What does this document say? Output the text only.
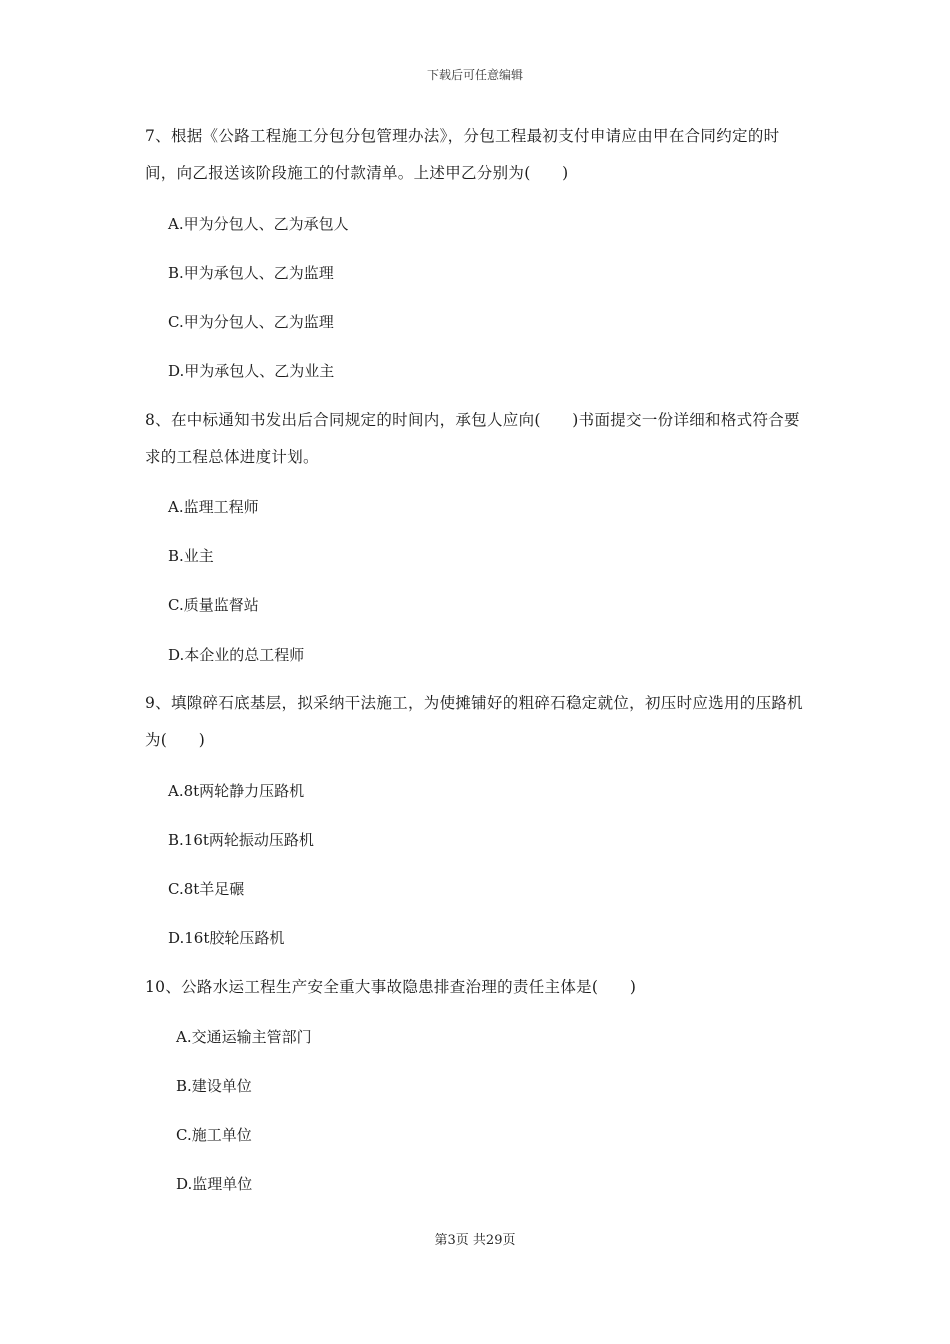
下载后可任意编辑
7、根据《公路工程施工分包分包管理办法》，分包工程最初支付申请应由甲在合同约定的时间，向乙报送该阶段施工的付款清单。上述甲乙分别为(　　)
A.甲为分包人、乙为承包人
B.甲为承包人、乙为监理
C.甲为分包人、乙为监理
D.甲为承包人、乙为业主
8、在中标通知书发出后合同规定的时间内，承包人应向(　　)书面提交一份详细和格式符合要求的工程总体进度计划。
A.监理工程师
B.业主
C.质量监督站
D.本企业的总工程师
9、填隙碎石底基层，拟采纳干法施工，为使摊铺好的粗碎石稳定就位，初压时应选用的压路机为(　　)
A.8t两轮静力压路机
B.16t两轮振动压路机
C.8t羊足碾
D.16t胶轮压路机
10、公路水运工程生产安全重大事故隐患排查治理的责任主体是(　　)
A.交通运输主管部门
B.建设单位
C.施工单位
D.监理单位
第3页 共29页
